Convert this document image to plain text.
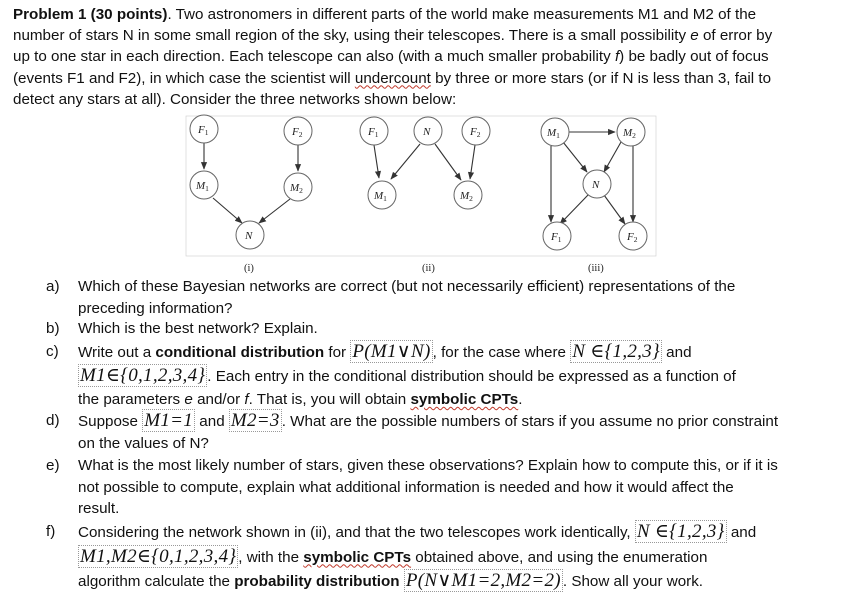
Problem 1 (30 points). Two astronomers in different parts of the world make measurements M1 and M2 of the
number of stars N in some small region of the sky, using their telescopes. There is a small possibility e of error by
up to one star in each direction. Each telescope can also (with a much smaller probability f) be badly out of focus
(events F1 and F2), in which case the scientist will undercount by three or more stars (or if N is less than 3, fail to
detect any stars at all). Consider the three networks shown below:
F1	F2
M1	M2
N
(i)
F1	N	F2
M1	M2
(ii)
M1	M2
N
F1	F2
(iii)
a) Which of these Bayesian networks are correct (but not necessarily efficient) representations of the
preceding information?
b) Which is the best network? Explain.
c) Write out a conditional distribution for P(M1∨N) , for the case where N ∈{1,2,3} and
M1∈{0,1,2,3,4} . Each entry in the conditional distribution should be expressed as a function of
the parameters e and/or f. That is, you will obtain symbolic CPTs.
d) Suppose M1=1 and M2=3 . What are the possible numbers of stars if you assume no prior constraint
on the values of N?
e) What is the most likely number of stars, given these observations? Explain how to compute this, or if it is
not possible to compute, explain what additional information is needed and how it would affect the
result.
f) Considering the network shown in (ii), and that the two telescopes work identically, N ∈{1,2,3} and
M1,M2∈{0,1,2,3,4} , with the symbolic CPTs obtained above, and using the enumeration
algorithm calculate the probability distribution P(N∨M1=2,M2=2) . Show all your work.
